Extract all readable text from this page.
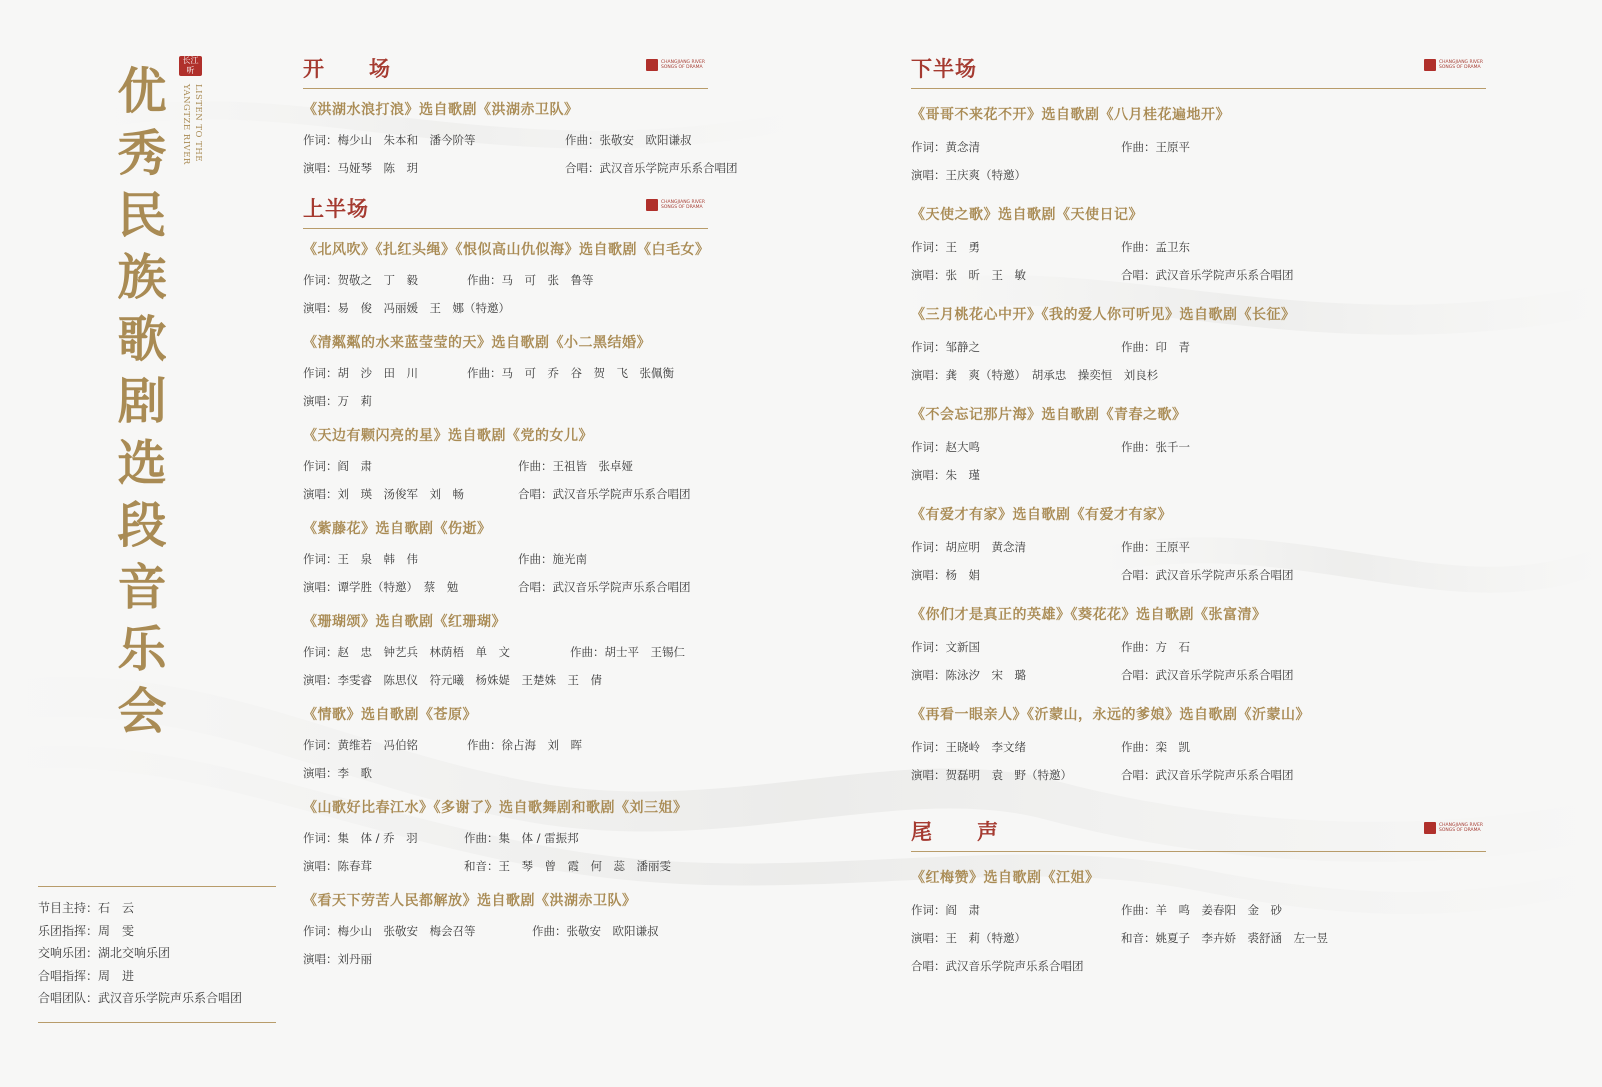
优
秀
民
族
歌
剧
选
段
音
乐
会
长江
听
LISTEN TO THE YANGTZE RIVER
节目主持：石　云
乐团指挥：周　雯
交响乐团：湖北交响乐团
合唱指挥：周　进
合唱团队：武汉音乐学院声乐系合唱团
开　　场	CHANGJIANG RIVER
SONGS OF DRAMA
《洪湖水浪打浪》选自歌剧《洪湖赤卫队》
作词：梅少山　朱本和　潘今阶等	作曲：张敬安　欧阳谦叔
演唱：马娅琴　陈　玥	合唱：武汉音乐学院声乐系合唱团
上半场	CHANGJIANG RIVER
SONGS OF DRAMA
《北风吹》《扎红头绳》《恨似高山仇似海》选自歌剧《白毛女》
作词：贺敬之　丁　毅	作曲：马　可　张　鲁等
演唱：易　俊　冯丽媛　王　娜（特邀）
《清粼粼的水来蓝莹莹的天》选自歌剧《小二黑结婚》
作词：胡　沙　田　川	作曲：马　可　乔　谷　贺　飞　张佩衡
演唱：万　莉
《天边有颗闪亮的星》选自歌剧《党的女儿》
作词：阎　肃	作曲：王祖皆　张卓娅
演唱：刘　瑛　汤俊军　刘　畅	合唱：武汉音乐学院声乐系合唱团
《紫藤花》选自歌剧《伤逝》
作词：王　泉　韩　伟	作曲：施光南
演唱：谭学胜（特邀）　蔡　勉	合唱：武汉音乐学院声乐系合唱团
《珊瑚颂》选自歌剧《红珊瑚》
作词：赵　忠　钟艺兵　林荫梧　单　文	作曲：胡士平　王锡仁
演唱：李雯睿　陈思仪　符元曦　杨姝媞　王楚姝　王　倩
《情歌》选自歌剧《苍原》
作词：黄维若　冯伯铭	作曲：徐占海　刘　晖
演唱：李　歌
《山歌好比春江水》《多谢了》选自歌舞剧和歌剧《刘三姐》
作词：集　体 / 乔　羽	作曲：集　体 / 雷振邦
演唱：陈春茸	和音：王　琴　曾　霞　何　蕊　潘丽雯
《看天下劳苦人民都解放》选自歌剧《洪湖赤卫队》
作词：梅少山　张敬安　梅会召等	作曲：张敬安　欧阳谦叔
演唱：刘丹丽
下半场	CHANGJIANG RIVER
SONGS OF DRAMA
《哥哥不来花不开》选自歌剧《八月桂花遍地开》
作词：黄念清	作曲：王原平
演唱：王庆爽（特邀）
《天使之歌》选自歌剧《天使日记》
作词：王　勇	作曲：孟卫东
演唱：张　昕　王　敏	合唱：武汉音乐学院声乐系合唱团
《三月桃花心中开》《我的爱人你可听见》选自歌剧《长征》
作词：邹静之	作曲：印　青
演唱：龚　爽（特邀）　胡承忠　操奕恒　刘良杉
《不会忘记那片海》选自歌剧《青春之歌》
作词：赵大鸣	作曲：张千一
演唱：朱　瑾
《有爱才有家》选自歌剧《有爱才有家》
作词：胡应明　黄念清	作曲：王原平
演唱：杨　娟	合唱：武汉音乐学院声乐系合唱团
《你们才是真正的英雄》《葵花花》选自歌剧《张富清》
作词：文新国	作曲：方　石
演唱：陈泳汐　宋　璐	合唱：武汉音乐学院声乐系合唱团
《再看一眼亲人》《沂蒙山，永远的爹娘》选自歌剧《沂蒙山》
作词：王晓岭　李文绪	作曲：栾　凯
演唱：贺磊明　袁　野（特邀）	合唱：武汉音乐学院声乐系合唱团
尾　　声	CHANGJIANG RIVER
SONGS OF DRAMA
《红梅赞》选自歌剧《江姐》
作词：阎　肃	作曲：羊　鸣　姜春阳　金　砂
演唱：王　莉（特邀）	和音：姚夏子　李卉娇　裘舒涵　左一昱
合唱：武汉音乐学院声乐系合唱团
